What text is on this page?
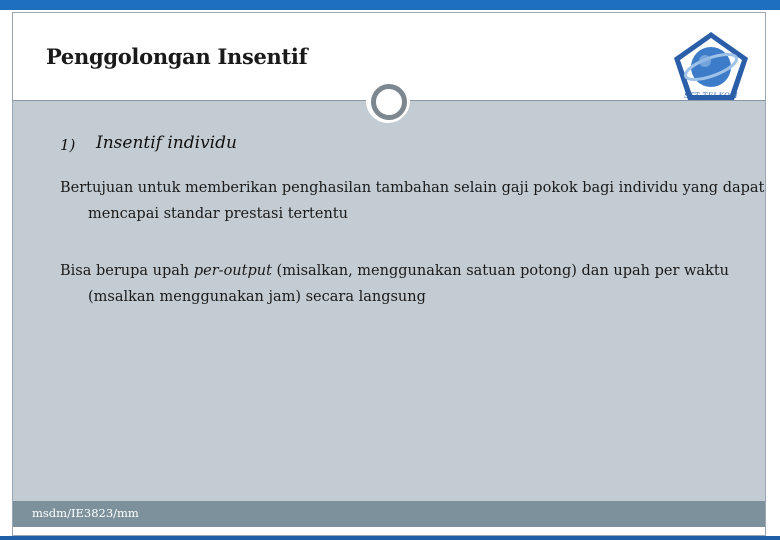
Penggolongan Insentif
STT TELKOM
1) Insentif individu

Bertujuan untuk memberikan penghasilan tambahan selain gaji pokok bagi individu yang dapat mencapai standar prestasi tertentu

Bisa berupa upah per-output (misalkan, menggunakan satuan potong) dan upah per waktu (msalkan menggunakan jam) secara langsung

msdm/IE3823/mm
